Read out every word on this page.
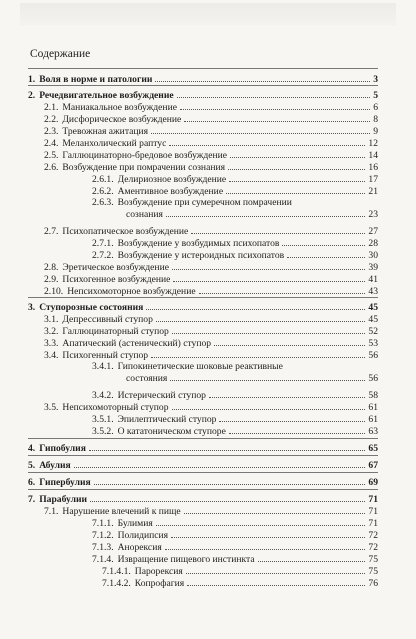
Содержание
1. Воля в норме и патологии	3
2. Речедвигательное возбуждение	5
2.1. Маниакальное возбуждение	6
2.2. Дисфорическое возбуждение	8
2.3. Тревожная ажитация	9
2.4. Меланхолический раптус	12
2.5. Галлюцинаторно-бредовое возбуждение	14
2.6. Возбуждение при помрачении сознания	16
2.6.1. Делириозное возбуждение	17
2.6.2. Аментивное возбуждение	21
2.6.3. Возбуждение при сумеречном помрачении
сознания	23
2.7. Психопатическое возбуждение	27
2.7.1. Возбуждение у возбудимых психопатов	28
2.7.2. Возбуждение у истероидных психопатов	30
2.8. Эретическое возбуждение	39
2.9. Психогенное возбуждение	41
2.10. Непсихомоторное возбуждение	43
3. Ступорозные состояния	45
3.1. Депрессивный ступор	45
3.2. Галлюцинаторный ступор	52
3.3. Апатический (астенический) ступор	53
3.4. Психогенный ступор	56
3.4.1. Гипокинетические шоковые реактивные
состояния	56
3.4.2. Истерический ступор	58
3.5. Непсихомоторный ступор	61
3.5.1. Эпилептический ступор	61
3.5.2. О кататоническом ступоре	63
4. Гипобулия	65
5. Абулия	67
6. Гипербулия	69
7. Парабулии	71
7.1. Нарушение влечений к пище	71
7.1.1. Булимия	71
7.1.2. Полидипсия	72
7.1.3. Анорексия	72
7.1.4. Извращение пищевого инстинкта	75
7.1.4.1. Парорексия	75
7.1.4.2. Копрофагия	76
